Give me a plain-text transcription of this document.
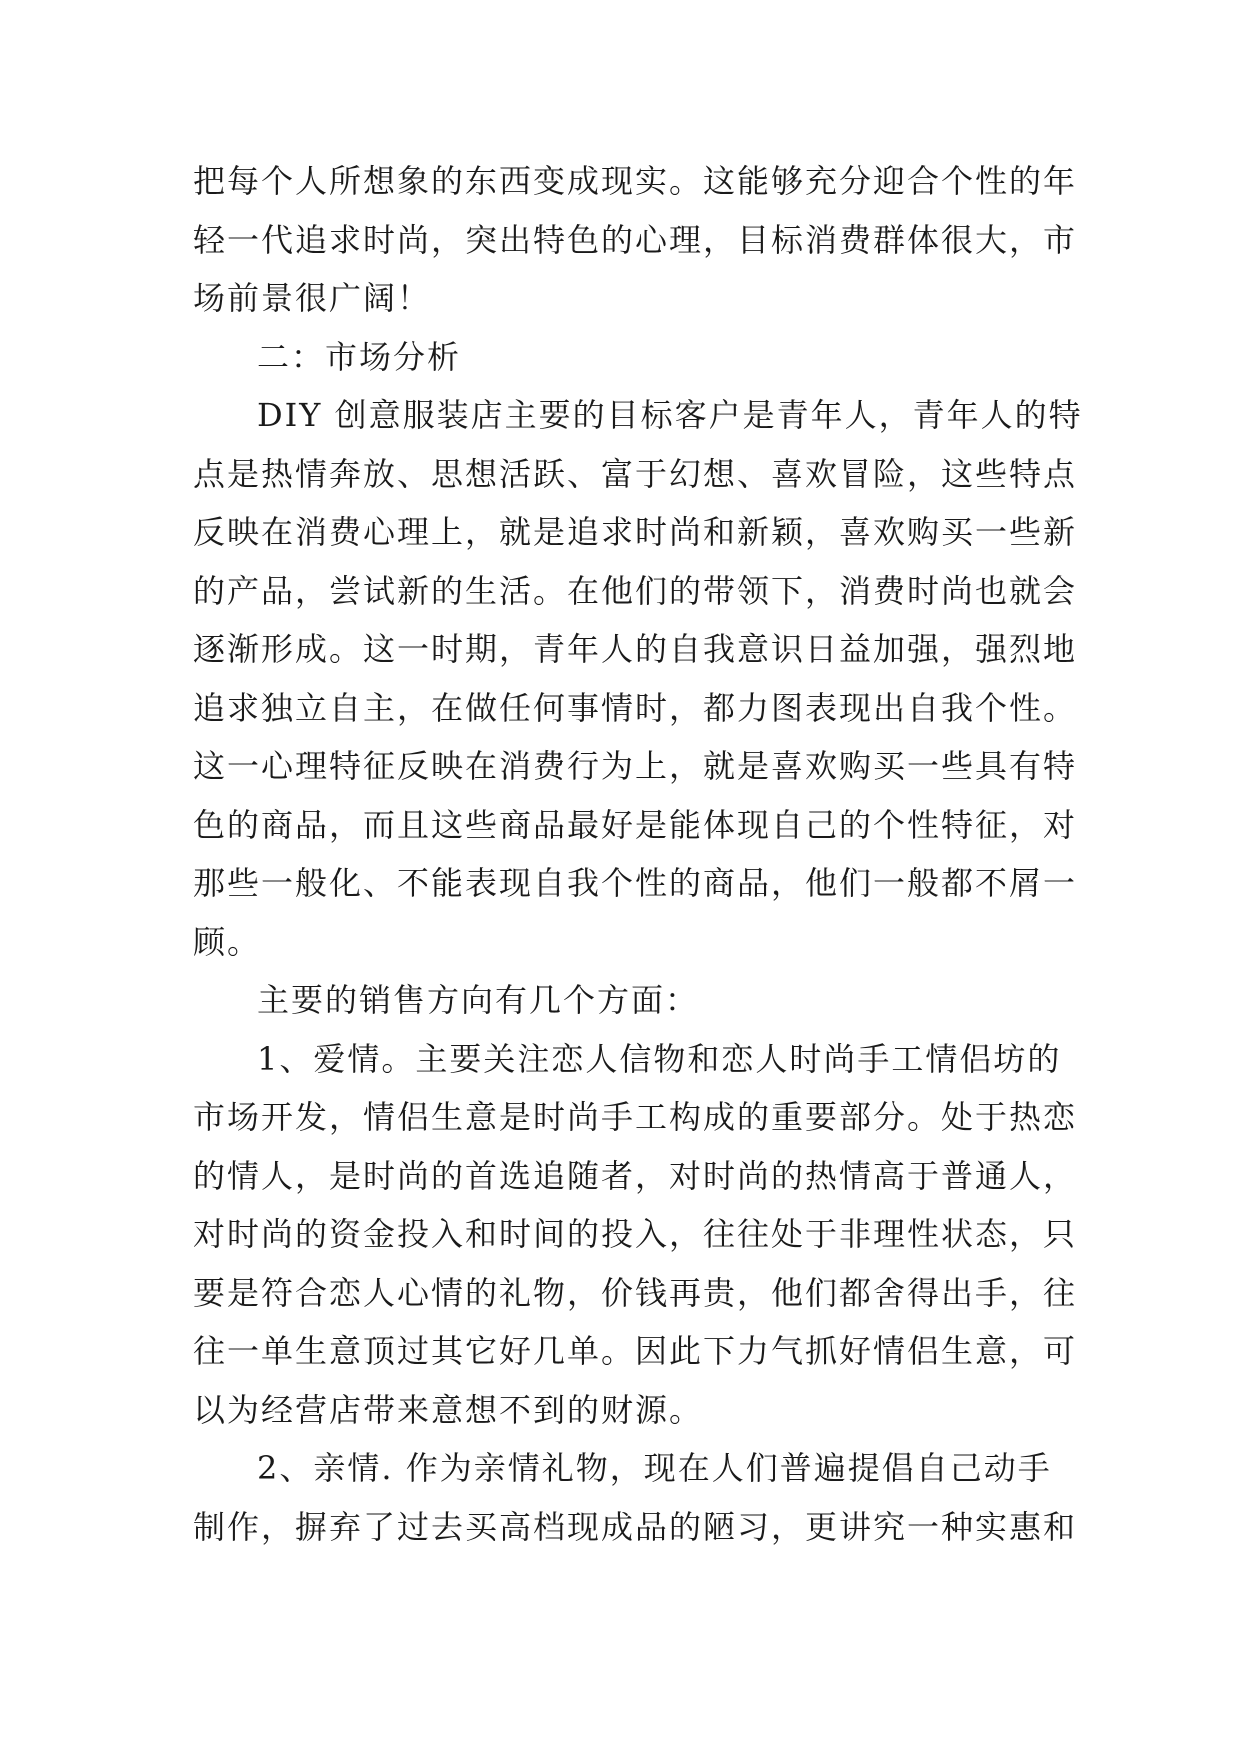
把每个人所想象的东西变成现实。这能够充分迎合个性的年

轻一代追求时尚，突出特色的心理，目标消费群体很大，市

场前景很广阔！

二：市场分析

DIY 创意服装店主要的目标客户是青年人，青年人的特

点是热情奔放、思想活跃、富于幻想、喜欢冒险，这些特点

反映在消费心理上，就是追求时尚和新颖，喜欢购买一些新

的产品，尝试新的生活。在他们的带领下，消费时尚也就会

逐渐形成。这一时期，青年人的自我意识日益加强，强烈地

追求独立自主，在做任何事情时，都力图表现出自我个性。

这一心理特征反映在消费行为上，就是喜欢购买一些具有特

色的商品，而且这些商品最好是能体现自己的个性特征，对

那些一般化、不能表现自我个性的商品，他们一般都不屑一

顾。

主要的销售方向有几个方面：

1、爱情。主要关注恋人信物和恋人时尚手工情侣坊的

市场开发，情侣生意是时尚手工构成的重要部分。处于热恋

的情人，是时尚的首选追随者，对时尚的热情高于普通人，

对时尚的资金投入和时间的投入，往往处于非理性状态，只

要是符合恋人心情的礼物，价钱再贵，他们都舍得出手，往

往一单生意顶过其它好几单。因此下力气抓好情侣生意，可

以为经营店带来意想不到的财源。

2、亲情. 作为亲情礼物，现在人们普遍提倡自己动手

制作，摒弃了过去买高档现成品的陋习，更讲究一种实惠和
